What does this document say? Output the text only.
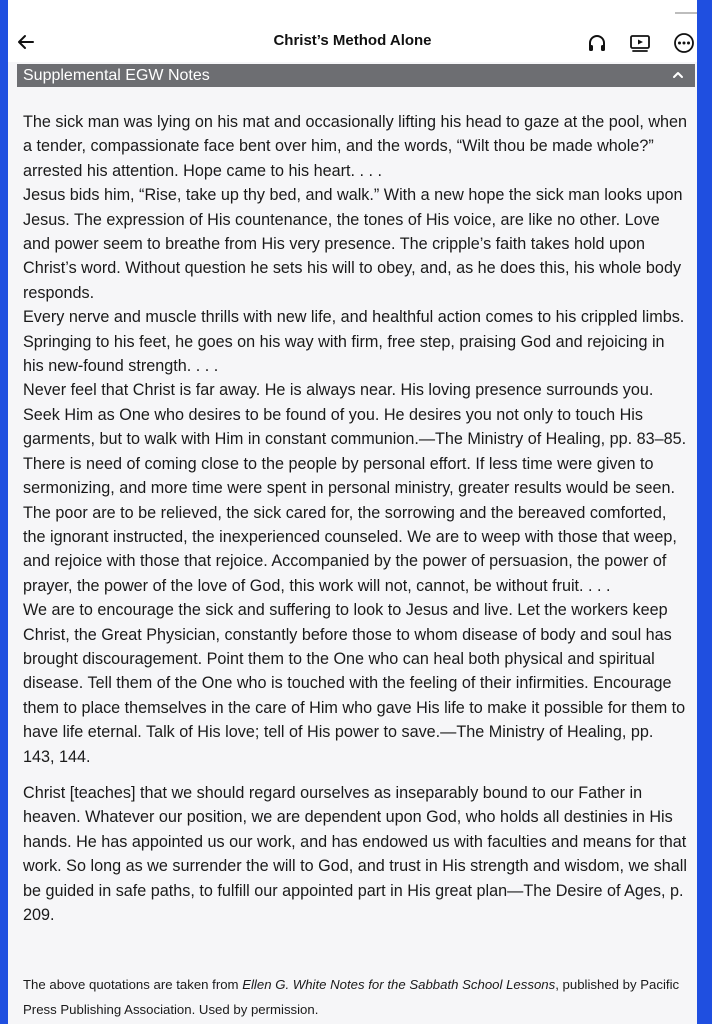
Christ’s Method Alone
Supplemental EGW Notes

The sick man was lying on his mat and occasionally lifting his head to gaze at the pool, when a tender, compassionate face bent over him, and the words, “Wilt thou be made whole?” arrested his attention. Hope came to his heart. . . .

Jesus bids him, “Rise, take up thy bed, and walk.” With a new hope the sick man looks upon Jesus. The expression of His countenance, the tones of His voice, are like no other. Love and power seem to breathe from His very presence. The cripple’s faith takes hold upon Christ’s word. Without question he sets his will to obey, and, as he does this, his whole body responds.

Every nerve and muscle thrills with new life, and healthful action comes to his crippled limbs. Springing to his feet, he goes on his way with firm, free step, praising God and rejoicing in his new-found strength. . . .

Never feel that Christ is far away. He is always near. His loving presence surrounds you. Seek Him as One who desires to be found of you. He desires you not only to touch His garments, but to walk with Him in constant communion.—The Ministry of Healing, pp. 83–85.

There is need of coming close to the people by personal effort. If less time were given to sermonizing, and more time were spent in personal ministry, greater results would be seen. The poor are to be relieved, the sick cared for, the sorrowing and the bereaved comforted, the ignorant instructed, the inexperienced counseled. We are to weep with those that weep, and rejoice with those that rejoice. Accompanied by the power of persuasion, the power of prayer, the power of the love of God, this work will not, cannot, be without fruit. . . .

We are to encourage the sick and suffering to look to Jesus and live. Let the workers keep Christ, the Great Physician, constantly before those to whom disease of body and soul has brought discouragement. Point them to the One who can heal both physical and spiritual disease. Tell them of the One who is touched with the feeling of their infirmities. Encourage them to place themselves in the care of Him who gave His life to make it possible for them to have life eternal. Talk of His love; tell of His power to save.—The Ministry of Healing, pp. 143, 144.

Christ [teaches] that we should regard ourselves as inseparably bound to our Father in heaven. Whatever our position, we are dependent upon God, who holds all destinies in His hands. He has appointed us our work, and has endowed us with faculties and means for that work. So long as we surrender the will to God, and trust in His strength and wisdom, we shall be guided in safe paths, to fulfill our appointed part in His great plan—The Desire of Ages, p. 209.

The above quotations are taken from Ellen G. White Notes for the Sabbath School Lessons, published by Pacific Press Publishing Association. Used by permission.
